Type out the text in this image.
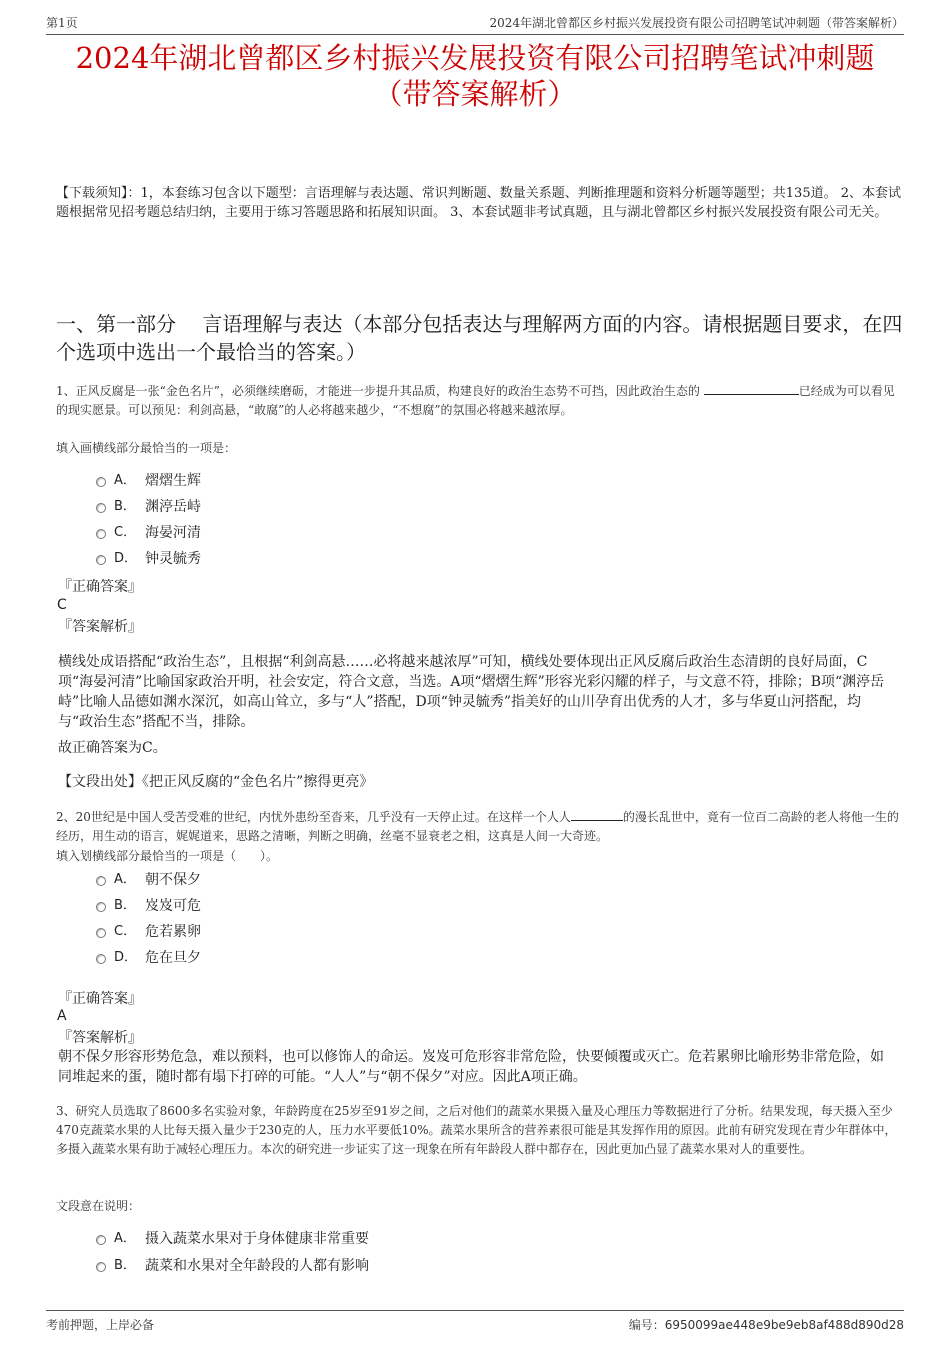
第1页	2024年湖北曾都区乡村振兴发展投资有限公司招聘笔试冲刺题（带答案解析）
2024年湖北曾都区乡村振兴发展投资有限公司招聘笔试冲刺题
（带答案解析）
【下载须知】：1，本套练习包含以下题型：言语理解与表达题、常识判断题、数量关系题、判断推理题和资料分析题等题型；共135道。 2、本套试题根据常见招考题总结归纳，主要用于练习答题思路和拓展知识面。 3、本套试题非考试真题，且与湖北曾都区乡村振兴发展投资有限公司无关。
一、第一部分　 言语理解与表达（本部分包括表达与理解两方面的内容。请根据题目要求，在四个选项中选出一个最恰当的答案。）
1、正风反腐是一张“金色名片”，必须继续磨砺，才能进一步提升其品质，构建良好的政治生态势不可挡，因此政治生态的	已经成为可以看见的现实愿景。可以预见：利剑高悬，“敢腐”的人必将越来越少，“不想腐”的氛围必将越来越浓厚。
填入画横线部分最恰当的一项是：
A． 熠熠生辉
B． 渊渟岳峙
C． 海晏河清
D． 钟灵毓秀
『正确答案』
C
『答案解析』
横线处成语搭配“政治生态”，且根据“利剑高悬……必将越来越浓厚”可知，横线处要体现出正风反腐后政治生态清朗的良好局面，C项“海晏河清”比喻国家政治开明，社会安定，符合文意，当选。A项“熠熠生辉”形容光彩闪耀的样子，与文意不符，排除；B项“渊渟岳峙”比喻人品德如渊水深沉，如高山耸立，多与“人”搭配，D项“钟灵毓秀”指美好的山川孕育出优秀的人才，多与华夏山河搭配，均与“政治生态”搭配不当，排除。
故正确答案为C。
【文段出处】《把正风反腐的“金色名片”擦得更亮》
2、20世纪是中国人受苦受难的世纪，内忧外患纷至沓来，几乎没有一天停止过。在这样一个人人	的漫长乱世中，竟有一位百二高龄的老人将他一生的经历，用生动的语言，娓娓道来，思路之清晰，判断之明确，丝毫不显衰老之相，这真是人间一大奇迹。
填入划横线部分最恰当的一项是（　　）。
A． 朝不保夕
B． 岌岌可危
C． 危若累卵
D． 危在旦夕
『正确答案』
A
『答案解析』
朝不保夕形容形势危急，难以预料，也可以修饰人的命运。岌岌可危形容非常危险，快要倾覆或灭亡。危若累卵比喻形势非常危险，如同堆起来的蛋，随时都有塌下打碎的可能。“人人”与“朝不保夕”对应。因此A项正确。
3、研究人员选取了8600多名实验对象，年龄跨度在25岁至91岁之间，之后对他们的蔬菜水果摄入量及心理压力等数据进行了分析。结果发现，每天摄入至少470克蔬菜水果的人比每天摄入量少于230克的人，压力水平要低10%。蔬菜水果所含的营养素很可能是其发挥作用的原因。此前有研究发现在青少年群体中，多摄入蔬菜水果有助于减轻心理压力。本次的研究进一步证实了这一现象在所有年龄段人群中都存在，因此更加凸显了蔬菜水果对人的重要性。
文段意在说明：
A． 摄入蔬菜水果对于身体健康非常重要
B． 蔬菜和水果对全年龄段的人都有影响
考前押题，上岸必备	编号：6950099ae448e9be9eb8af488d890d28
